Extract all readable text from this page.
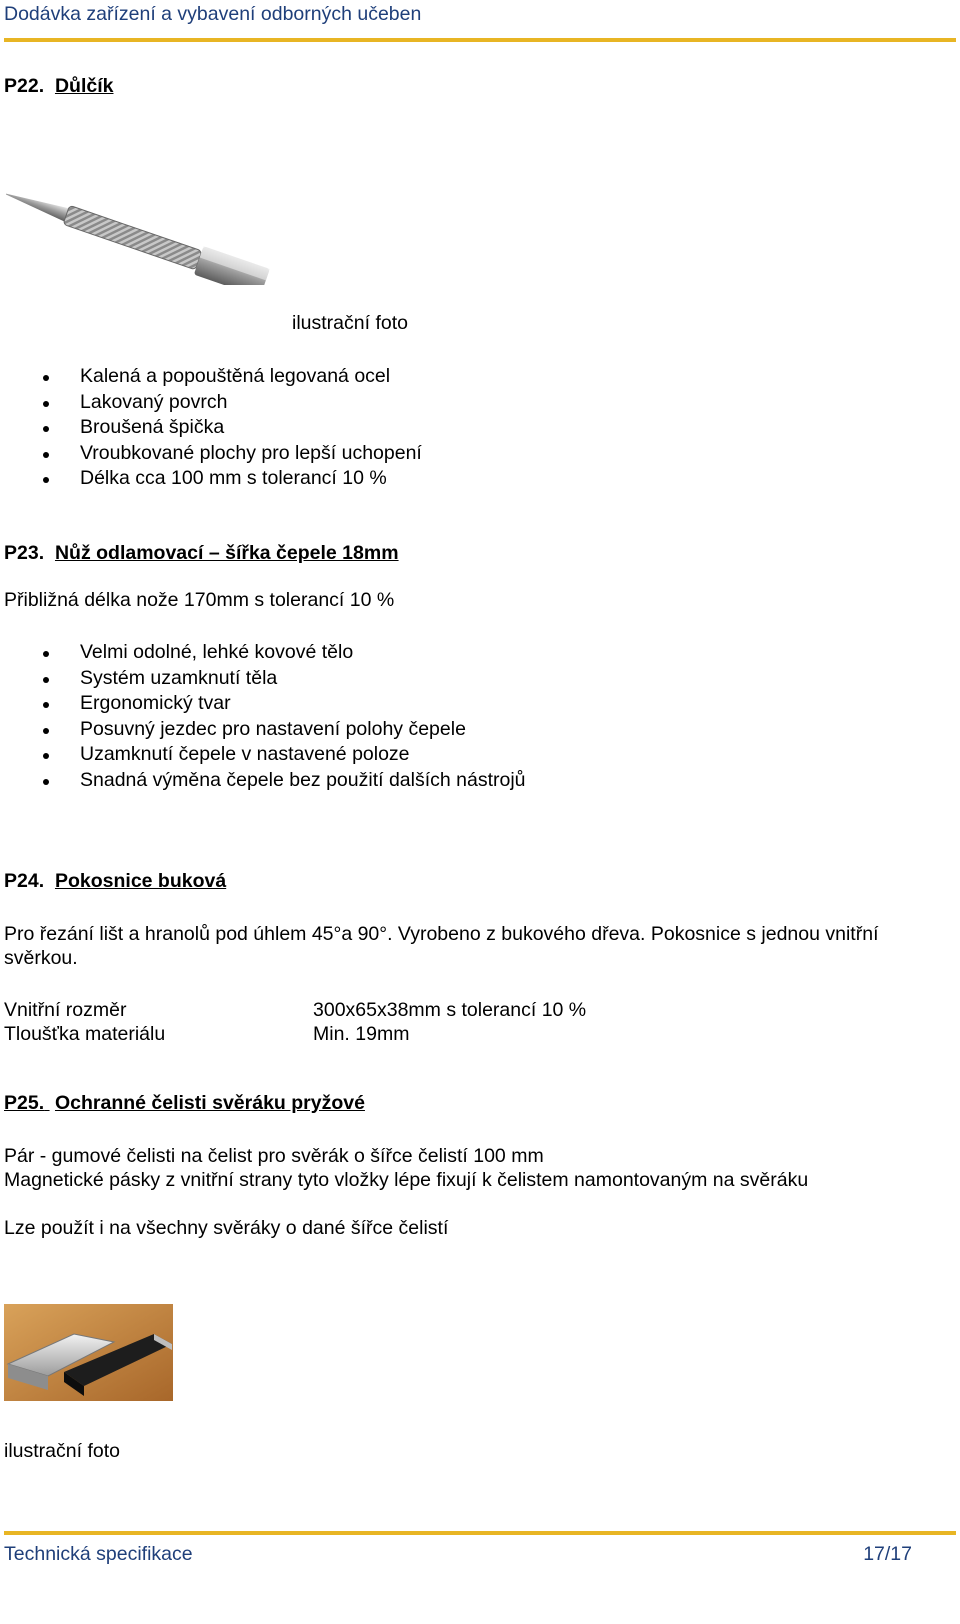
Dodávka zařízení a vybavení odborných učeben
P22. Důlčík
ilustrační foto
Kalená a popouštěná legovaná ocel
Lakovaný povrch
Broušená špička
Vroubkované plochy pro lepší uchopení
Délka cca 100 mm s tolerancí 10 %
P23. Nůž odlamovací – šířka čepele 18mm
Přibližná délka nože 170mm s tolerancí 10 %
Velmi odolné, lehké kovové tělo
Systém uzamknutí těla
Ergonomický tvar
Posuvný jezdec pro nastavení polohy čepele
Uzamknutí čepele v nastavené poloze
Snadná výměna čepele bez použití dalších nástrojů
P24. Pokosnice buková
Pro řezání lišt a hranolů pod úhlem 45°a 90°. Vyrobeno z bukového dřeva. Pokosnice s jednou vnitřní
svěrkou.
Vnitřní rozměr	300x65x38mm s tolerancí 10 %
Tloušťka materiálu	Min. 19mm
P25. Ochranné čelisti svěráku pryžové
Pár - gumové čelisti na čelist pro svěrák o šířce čelistí 100 mm
Magnetické pásky z vnitřní strany tyto vložky lépe fixují k čelistem namontovaným na svěráku
Lze použít i na všechny svěráky o dané šířce čelistí
ilustrační foto
Technická specifikace	17/17
